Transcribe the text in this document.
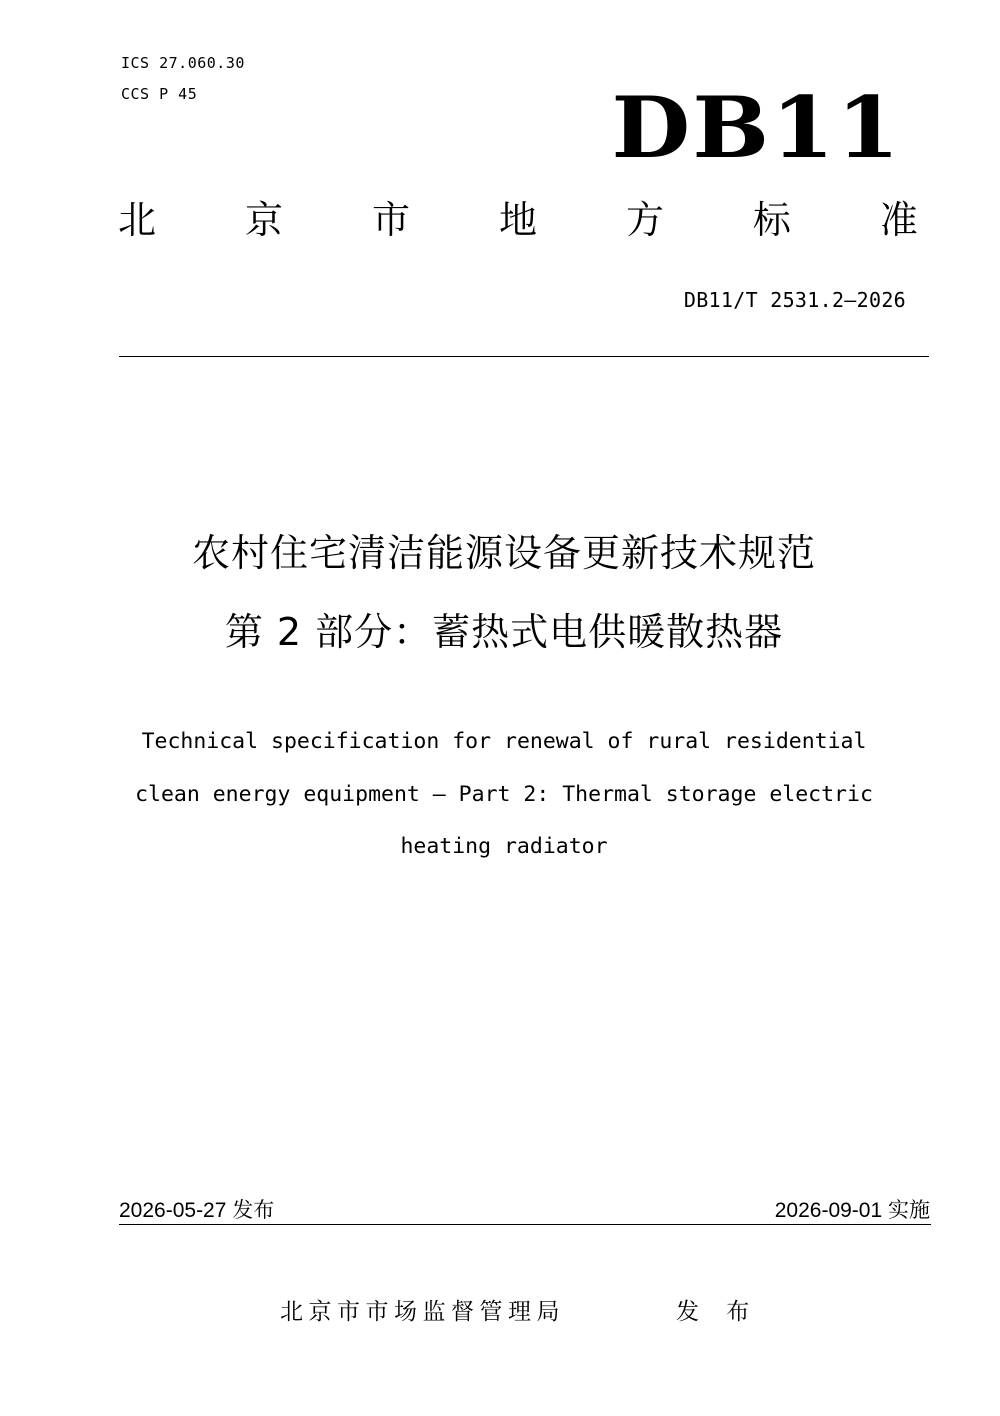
ICS 27.060.30
CCS P 45	DB11
北 京 市 地 方 标 准
DB11/T 2531.2—2026
农村住宅清洁能源设备更新技术规范
第 2 部分：蓄热式电供暖散热器
Technical specification for renewal of rural residential clean energy equipment — Part 2: Thermal storage electric heating radiator
2026-05-27 发布	2026-09-01 实施
北京市市场监督管理局	发 布
